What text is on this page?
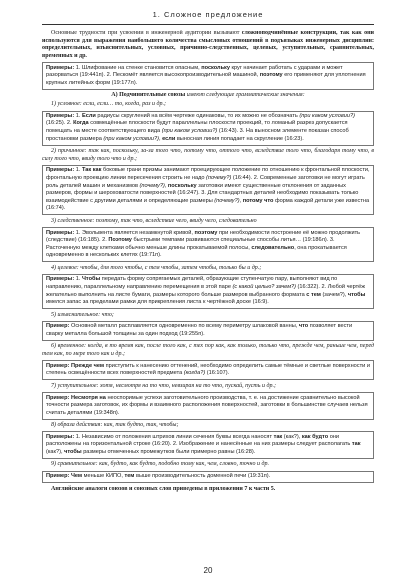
1. Сложное предложение

Основные трудности при усвоении в инженерной аудитории вызывают сложноподчинённые конструкции, так как они используются для выражения наибольшего количества смысловых отношений в подъязыках инженерных дисциплин: определительных, изъяснительных, условных, причинно-следственных, целевых, уступительных, сравнительных, временных и др.

Примеры: 1. Шлифование на стенке становится опасным, поскольку круг начинает работать с ударами и может разорваться (19:441п). 2. Пескомёт является высокопроизводительной машиной, поэтому его применяют для уплотнения крупных литейных форм (19:177л).

A) Подчинительные союзы имеют следующие грамматические значения:

1) условное: если, если… то, когда, раз и др.;

Примеры: 1. Если радиусы скруглений на всём чертеже одинаковы, то их можно не обозначать (при каком условии?) (16:25). 2. Когда совмещённые плоскости будут параллельны плоскости проекций, то ломаный разрез допускается помещать на месте соответствующего вида (при каком условии?) (16:43). 3. На выносном элементе показан способ простановки размера (при каком условии?), если выносная линия попадает на скругление (16:23).

2) причинное: так как, поскольку, за-за того что, потому что, оттого что, вследствие того что, благодаря тому что, в силу того что, ввиду того что и др.;

Примеры: 1. Так как боковые грани призмы занимают проецирующее положение по отношению к фронтальной плоскости, фронтальную проекцию линии пересечения строить не надо (почему?) (16:44). 2. Современные заготовки не могут играть роль деталей машин и механизмов (почему?), поскольку заготовки имеют существенные отклонения от заданных размеров, формы и шероховатости поверхностей (16:247). 3. Для стандартных деталей необходимо показывать только взаимодействие с другими деталями и определяющие размеры (почему?), потому что форма каждой детали уже известна (16:74).

3) следственное: поэтому, так что, вследствие чего, ввиду чего, следовательно

Примеры: 1. Эвольвента является незамкнутой кривой, поэтому при необходимости построение её можно продолжить (следствие) (16:185). 2. Поэтому быстрыми темпами развиваются специальные способы литья… (19:186л). 3. Расточенную между клетками обычно меньше длины прокатываемой полосы, следовательно, она прокатывается одновременно в нескольких клетях (19:71п).

4) целевое: чтобы, для того чтобы, с тем чтобы, затем чтобы, только бы и др.;

Примеры: 1. Чтобы передать форму сопрягаемых деталей, образующие ступенчатую пару, выполняют вид по направлению, параллельному направлению перемещения в этой паре (с какой целью? зачем?) (16:322). 2. Любой чертёж желательно выполнить на листе бумаги, размеры которого больше размеров выбранного формата с тем (зачем?), чтобы имелся запас за пределами рамки для прикрепления листа к чертёжной доске (16:9).

5) изъяснительное: что;

Пример: Основной металл расплавляется одновременно по всему периметру шлаковой ванны, что позволяет вести сварку металла большой толщины за один подход (19:255п).

6) временное: когда, в то время как, после того как, с тех пор как, как только, только что, прежде чем, раньше чем, перед тем как, по мере того как и др.;

Пример: Прежде чем приступить к нанесению оттенений, необходимо определить самые тёмные и светлые поверхности и степень освещённости всех поверхностей предмета (когда?) (16:107).

7) уступительное: хотя, несмотря на то что, невзирая на то что, пускай, пусть и др.;

Пример: Несмотря на неоспоримые успехи заготовительного производства, т. е. на достижение сравнительно высокой точности размера заготовок, их формы и взаимного расположения поверхностей, заготовки в большинстве случаев нельзя считать деталями (19:348п).

8) образа действия: как, так будто, так, чтобы;

Примеры: 1. Независимо от положения штрихов линии сечения буквы всегда наносят так (как?), как будто они расположены на горизонтальной строке (16:20). 2. Изображение и нанесённые на них размеры следует располагать так (как?), чтобы размеры отмеченных промежутков были примерно равны (16:28).

9) сравнительное: как, будто, как будто, подобно тому как, чем, словно, точно и др.

Пример: Чем меньше КИПО, тем выше производительность доменной печи (19:31п).

Английские аналоги союзов и союзных слов приведены в приложении 7 к части 5.

20
